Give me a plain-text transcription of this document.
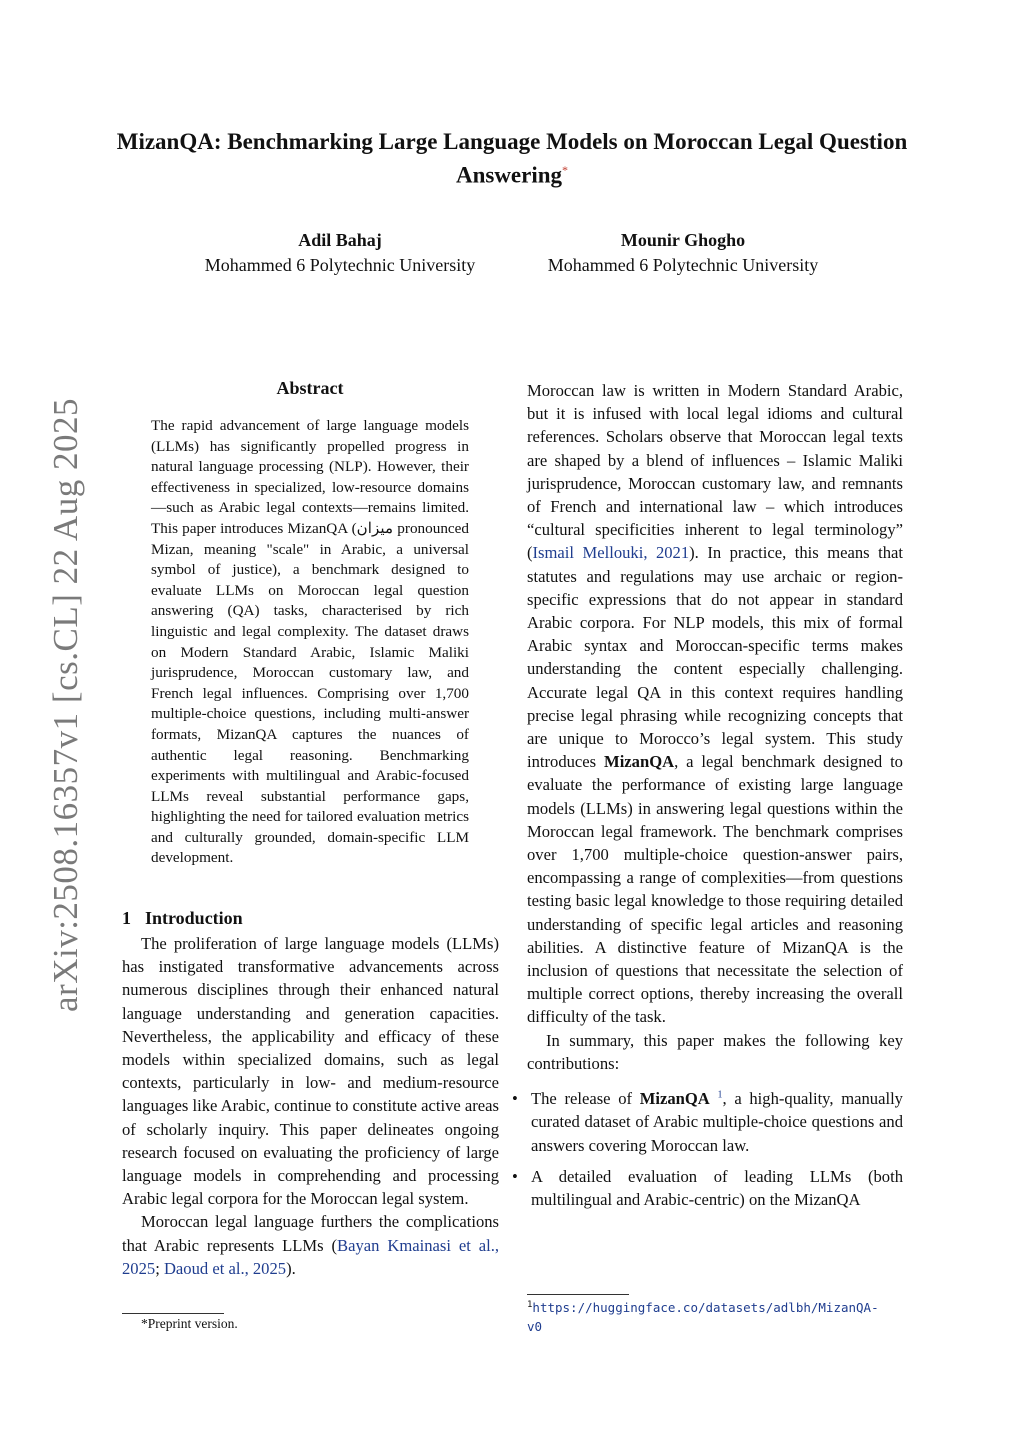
arXiv:2508.16357v1 [cs.CL] 22 Aug 2025
MizanQA: Benchmarking Large Language Models on Moroccan Legal Question Answering*
Adil Bahaj
Mohammed 6 Polytechnic University
Mounir Ghogho
Mohammed 6 Polytechnic University
Abstract
The rapid advancement of large language models (LLMs) has significantly propelled progress in natural language processing (NLP). However, their effectiveness in specialized, low-resource domains—such as Arabic legal contexts—remains limited. This paper introduces MizanQA (ميزان pronounced Mizan, meaning "scale" in Arabic, a universal symbol of justice), a benchmark designed to evaluate LLMs on Moroccan legal question answering (QA) tasks, characterised by rich linguistic and legal complexity. The dataset draws on Modern Standard Arabic, Islamic Maliki jurisprudence, Moroccan customary law, and French legal influences. Comprising over 1,700 multiple-choice questions, including multi-answer formats, MizanQA captures the nuances of authentic legal reasoning. Benchmarking experiments with multilingual and Arabic-focused LLMs reveal substantial performance gaps, highlighting the need for tailored evaluation metrics and culturally grounded, domain-specific LLM development.
1 Introduction

The proliferation of large language models (LLMs) has instigated transformative advancements across numerous disciplines through their enhanced natural language understanding and generation capacities. Nevertheless, the applicability and efficacy of these models within specialized domains, such as legal contexts, particularly in low- and medium-resource languages like Arabic, continue to constitute active areas of scholarly inquiry. This paper delineates ongoing research focused on evaluating the proficiency of large language models in comprehending and processing Arabic legal corpora for the Moroccan legal system.

Moroccan legal language furthers the complications that Arabic represents LLMs (Bayan Kmainasi et al., 2025; Daoud et al., 2025).

Moroccan law is written in Modern Standard Arabic, but it is infused with local legal idioms and cultural references. Scholars observe that Moroccan legal texts are shaped by a blend of influences – Islamic Maliki jurisprudence, Moroccan customary law, and remnants of French and international law – which introduces “cultural specificities inherent to legal terminology” (Ismail Mellouki, 2021). In practice, this means that statutes and regulations may use archaic or region-specific expressions that do not appear in standard Arabic corpora. For NLP models, this mix of formal Arabic syntax and Moroccan-specific terms makes understanding the content especially challenging. Accurate legal QA in this context requires handling precise legal phrasing while recognizing concepts that are unique to Morocco’s legal system. This study introduces MizanQA, a legal benchmark designed to evaluate the performance of existing large language models (LLMs) in answering legal questions within the Moroccan legal framework. The benchmark comprises over 1,700 multiple-choice question-answer pairs, encompassing a range of complexities—from questions testing basic legal knowledge to those requiring detailed understanding of specific legal articles and reasoning abilities. A distinctive feature of MizanQA is the inclusion of questions that necessitate the selection of multiple correct options, thereby increasing the overall difficulty of the task.

In summary, this paper makes the following key contributions:

• The release of MizanQA $^1$, a high-quality, manually curated dataset of Arabic multiple-choice questions and answers covering Moroccan law.
• A detailed evaluation of leading LLMs (both multilingual and Arabic-centric) on the MizanQA
*Preprint version.
$^1$https://huggingface.co/datasets/adlbh/MizanQA-v0
